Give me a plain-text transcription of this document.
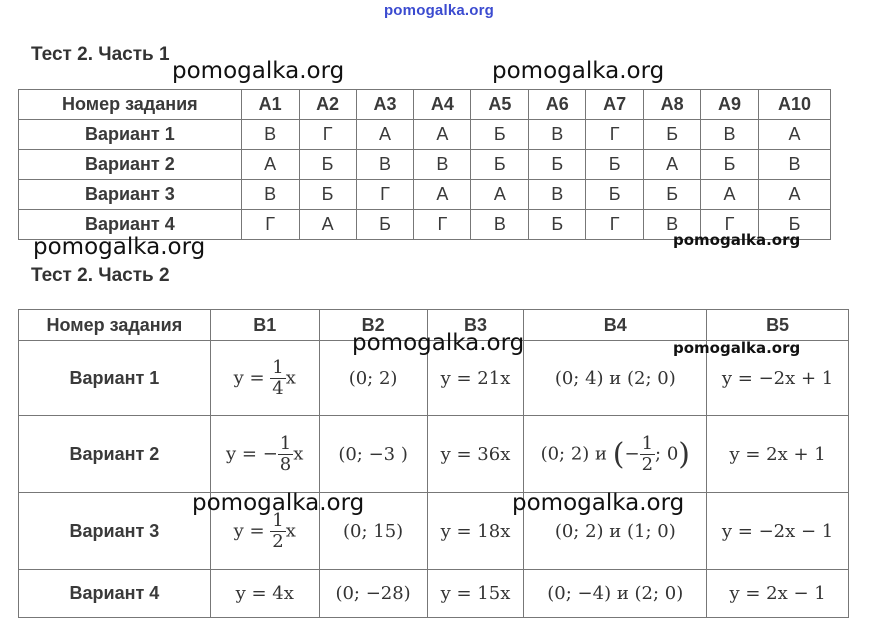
pomogalka.org
Тест 2. Часть 1
Номер задания	A1	A2	A3	A4	A5	A6	A7	A8	A9	A10
Вариант 1	В	Г	А	А	Б	В	Г	Б	В	А
Вариант 2	А	Б	В	В	Б	Б	Б	А	Б	В
Вариант 3	В	Б	Г	А	А	В	Б	Б	А	А
Вариант 4	Г	А	Б	Г	В	Б	Г	В	Г	Б
Тест 2. Часть 2
Номер задания	B1	B2	B3	B4	B5
Вариант 1	$y = \frac{1}{4}$ x	(0; 2)	y = 21x	(0; 4) и (2; 0)	y = −2x + 1
Вариант 2	y = − $\frac{1}{8}$ x	(0; −3 )	y = 36x	(0; 2) и (− $\frac{1}{2}$ ; 0)	y = 2x + 1
Вариант 3	$y = \frac{1}{2}$ x	(0; 15)	y = 18x	(0; 2) и (1; 0)	y = −2x − 1
Вариант 4	y = 4x	(0; −28)	y = 15x	(0; −4) и (2; 0)	y = 2x − 1
pomogalka.org	pomogalka.org
pomogalka.org	pomogalka.org
pomogalka.org	pomogalka.org
pomogalka.org	pomogalka.org
